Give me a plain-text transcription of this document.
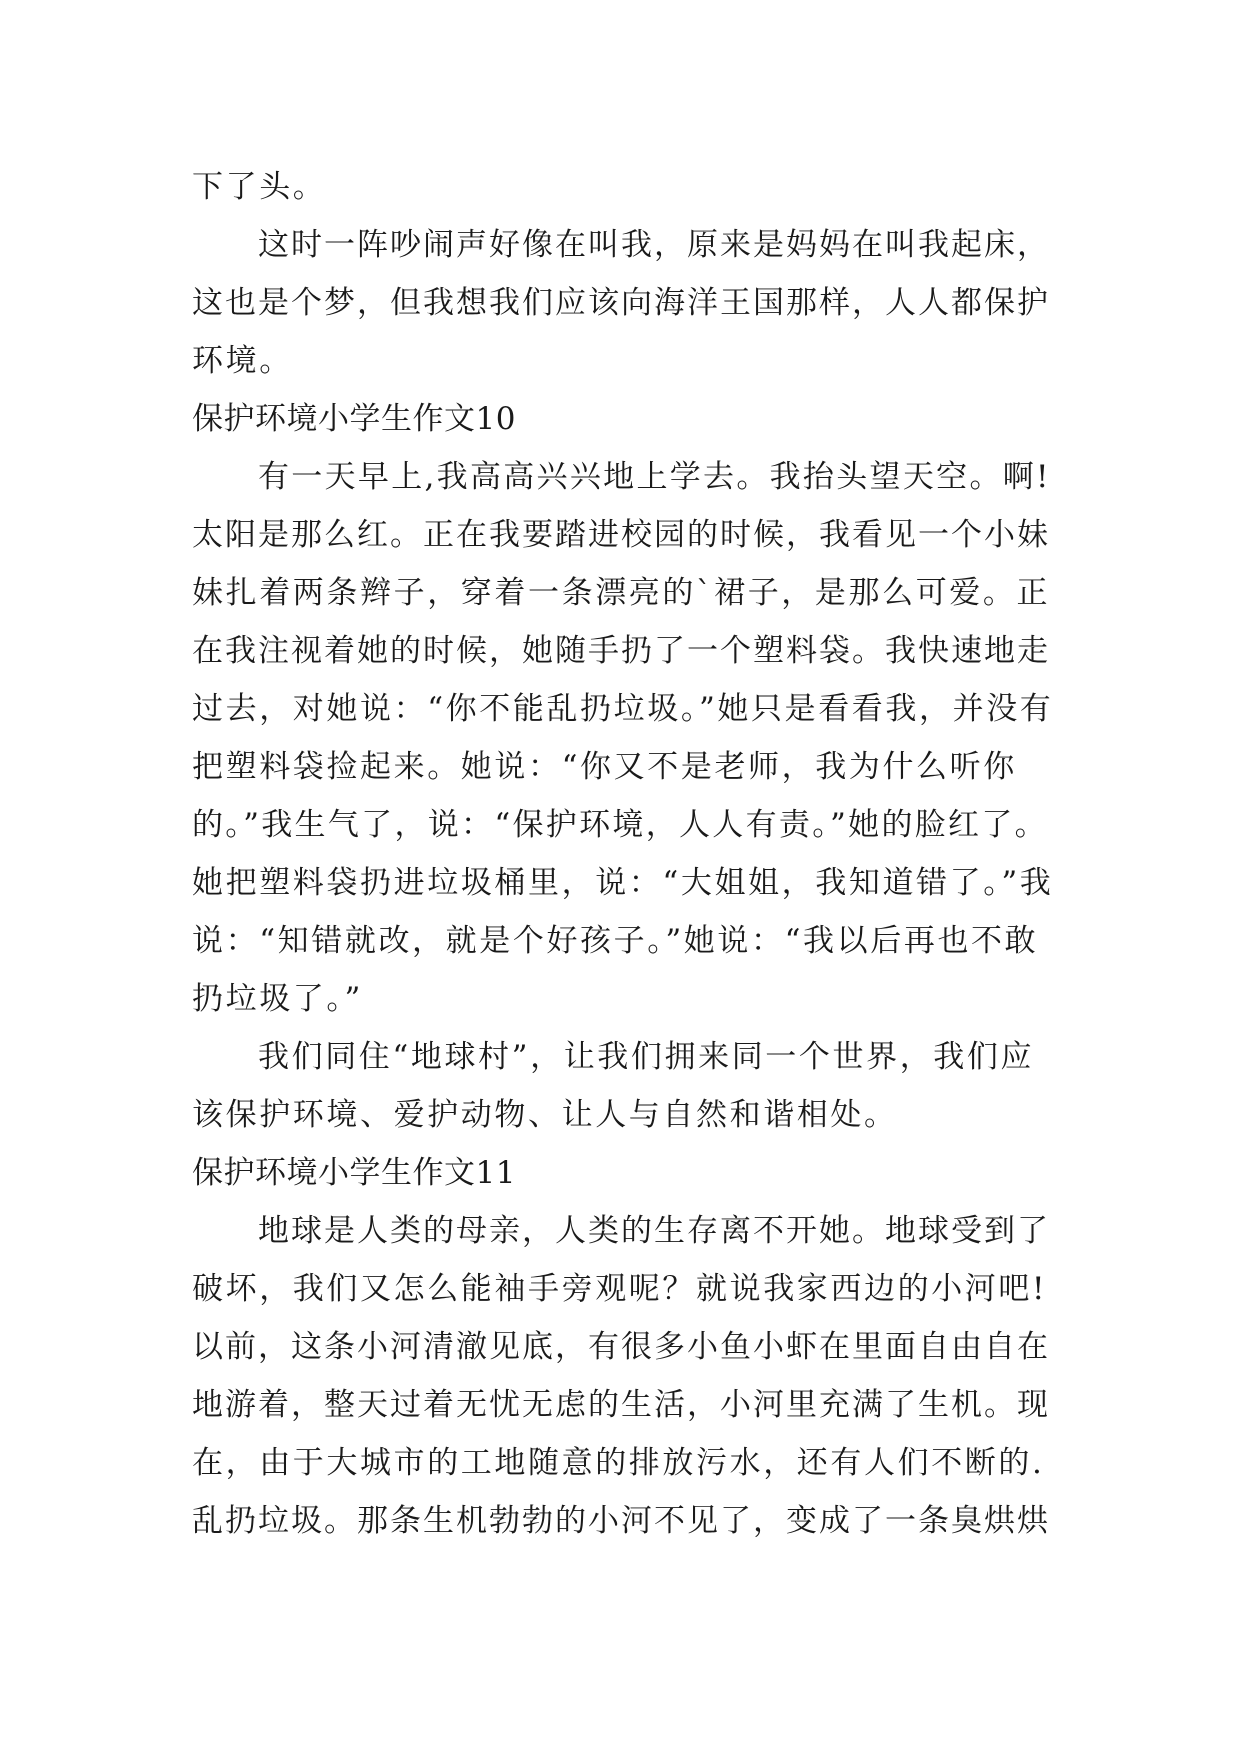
下了头。
这时一阵吵闹声好像在叫我，原来是妈妈在叫我起床，
这也是个梦，但我想我们应该向海洋王国那样，人人都保护
环境。
保护环境小学生作文10
有一天早上,我高高兴兴地上学去。我抬头望天空。啊!
太阳是那么红。正在我要踏进校园的时候，我看见一个小妹
妹扎着两条辫子，穿着一条漂亮的`裙子，是那么可爱。正
在我注视着她的时候，她随手扔了一个塑料袋。我快速地走
过去，对她说：“你不能乱扔垃圾。”她只是看看我，并没有
把塑料袋捡起来。她说：“你又不是老师，我为什么听你
的。”我生气了，说：“保护环境，人人有责。”她的脸红了。
她把塑料袋扔进垃圾桶里，说：“大姐姐，我知道错了。”我
说：“知错就改，就是个好孩子。”她说：“我以后再也不敢
扔垃圾了。”
我们同住“地球村”，让我们拥来同一个世界，我们应
该保护环境、爱护动物、让人与自然和谐相处。
保护环境小学生作文11
地球是人类的母亲，人类的生存离不开她。地球受到了
破坏，我们又怎么能袖手旁观呢？就说我家西边的小河吧!
以前，这条小河清澈见底，有很多小鱼小虾在里面自由自在
地游着，整天过着无忧无虑的生活，小河里充满了生机。现
在，由于大城市的工地随意的排放污水，还有人们不断的.
乱扔垃圾。那条生机勃勃的小河不见了，变成了一条臭烘烘
